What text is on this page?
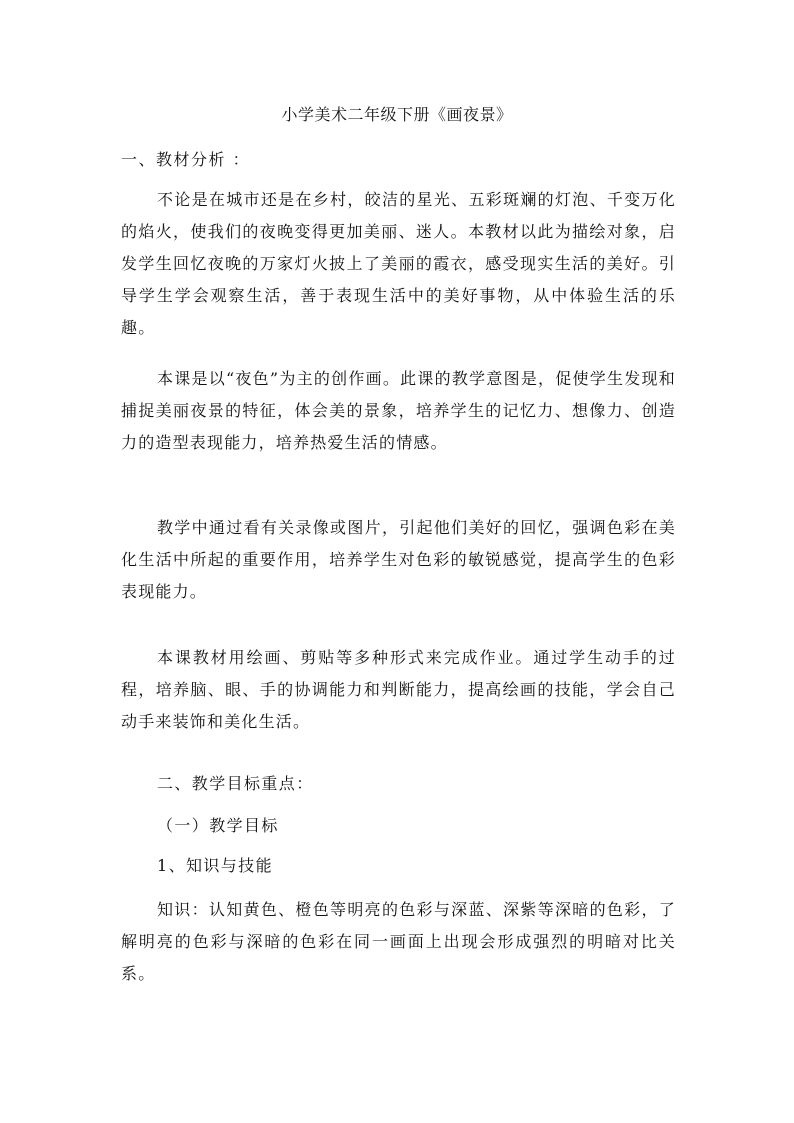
小学美术二年级下册《画夜景》
一、教材分析 ：
不论是在城市还是在乡村，皎洁的星光、五彩斑斓的灯泡、千变万化的焰火，使我们的夜晚变得更加美丽、迷人。本教材以此为描绘对象，启发学生回忆夜晚的万家灯火披上了美丽的霞衣，感受现实生活的美好。引导学生学会观察生活，善于表现生活中的美好事物，从中体验生活的乐趣。
本课是以“夜色”为主的创作画。此课的教学意图是，促使学生发现和捕捉美丽夜景的特征，体会美的景象，培养学生的记忆力、想像力、创造力的造型表现能力，培养热爱生活的情感。
教学中通过看有关录像或图片，引起他们美好的回忆，强调色彩在美化生活中所起的重要作用，培养学生对色彩的敏锐感觉，提高学生的色彩表现能力。
本课教材用绘画、剪贴等多种形式来完成作业。通过学生动手的过程，培养脑、眼、手的协调能力和判断能力，提高绘画的技能，学会自己动手来装饰和美化生活。
二、教学目标重点：
（一）教学目标
1、知识与技能
知识：认知黄色、橙色等明亮的色彩与深蓝、深紫等深暗的色彩，了解明亮的色彩与深暗的色彩在同一画面上出现会形成强烈的明暗对比关系。
